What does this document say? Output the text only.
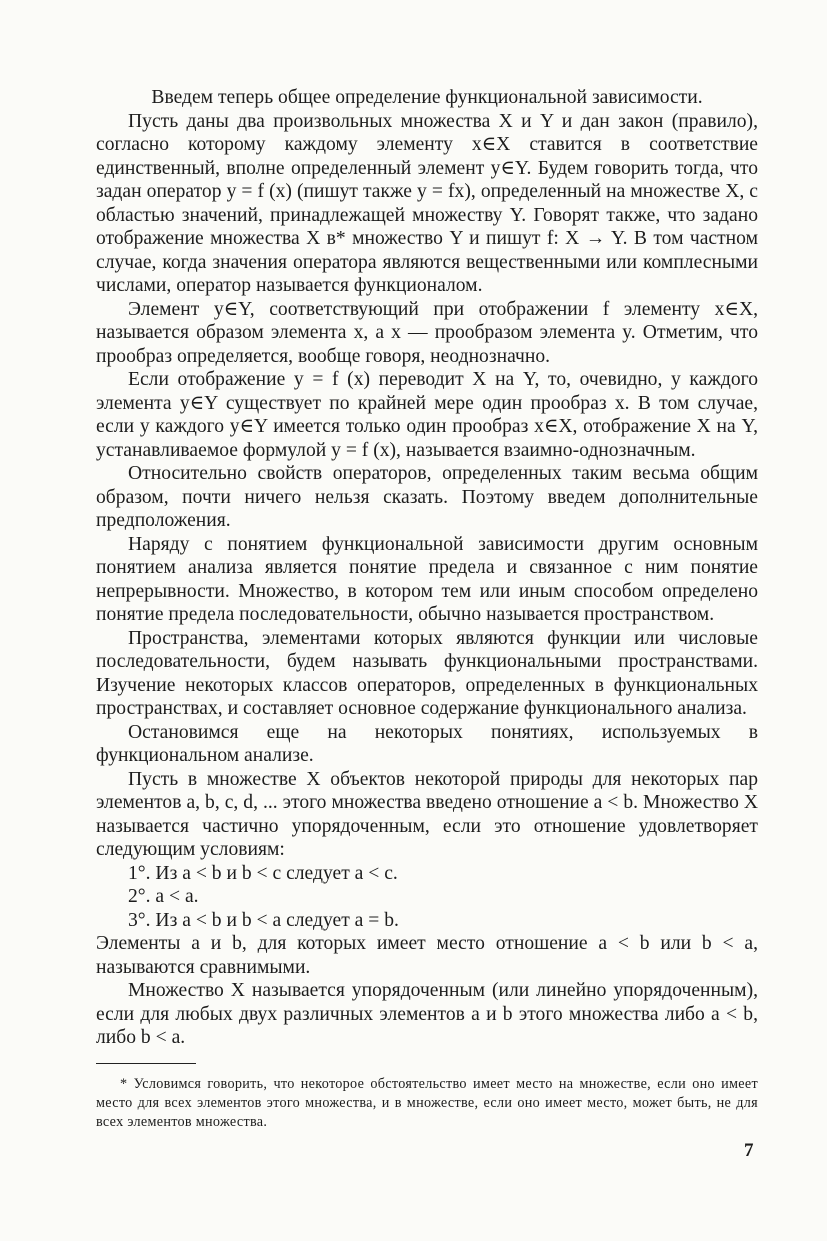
Введем теперь общее определение функциональной зависимости.

Пусть даны два произвольных множества X и Y и дан закон (правило), согласно которому каждому элементу x∈X ставится в соответствие единственный, вполне определенный элемент y∈Y. Будем говорить тогда, что задан оператор y = f (x) (пишут также y = fx), определенный на множестве X, с областью значений, принадлежащей множеству Y. Говорят также, что задано отображение множества X в* множество Y и пишут f: X → Y. В том частном случае, когда значения оператора являются вещественными или комплесными числами, оператор называется функционалом.

Элемент y∈Y, соответствующий при отображении f элементу x∈X, называется образом элемента x, а x — прообразом элемента y. Отметим, что прообраз определяется, вообще говоря, неоднозначно.

Если отображение y = f (x) переводит X на Y, то, очевидно, у каждого элемента y∈Y существует по крайней мере один прообраз x. В том случае, если у каждого y∈Y имеется только один прообраз x∈X, отображение X на Y, устанавливаемое формулой y = f (x), называется взаимно-однозначным.

Относительно свойств операторов, определенных таким весьма общим образом, почти ничего нельзя сказать. Поэтому введем дополнительные предположения.

Наряду с понятием функциональной зависимости другим основным понятием анализа является понятие предела и связанное с ним понятие непрерывности. Множество, в котором тем или иным способом определено понятие предела последовательности, обычно называется пространством.

Пространства, элементами которых являются функции или числовые последовательности, будем называть функциональными пространствами. Изучение некоторых классов операторов, определенных в функциональных пространствах, и составляет основное содержание функционального анализа.

Остановимся еще на некоторых понятиях, используемых в функциональном анализе.

Пусть в множестве X объектов некоторой природы для некоторых пар элементов a, b, c, d, ... этого множества введено отношение a < b. Множество X называется частично упорядоченным, если это отношение удовлетворяет следующим условиям:

1°. Из a < b и b < c следует a < c.

2°. a < a.

3°. Из a < b и b < a следует a = b.

Элементы a и b, для которых имеет место отношение a < b или b < a, называются сравнимыми.

Множество X называется упорядоченным (или линейно упорядоченным), если для любых двух различных элементов a и b этого множества либо a < b, либо b < a.

* Условимся говорить, что некоторое обстоятельство имеет место на множестве, если оно имеет место для всех элементов этого множества, и в множестве, если оно имеет место, может быть, не для всех элементов множества.
7
